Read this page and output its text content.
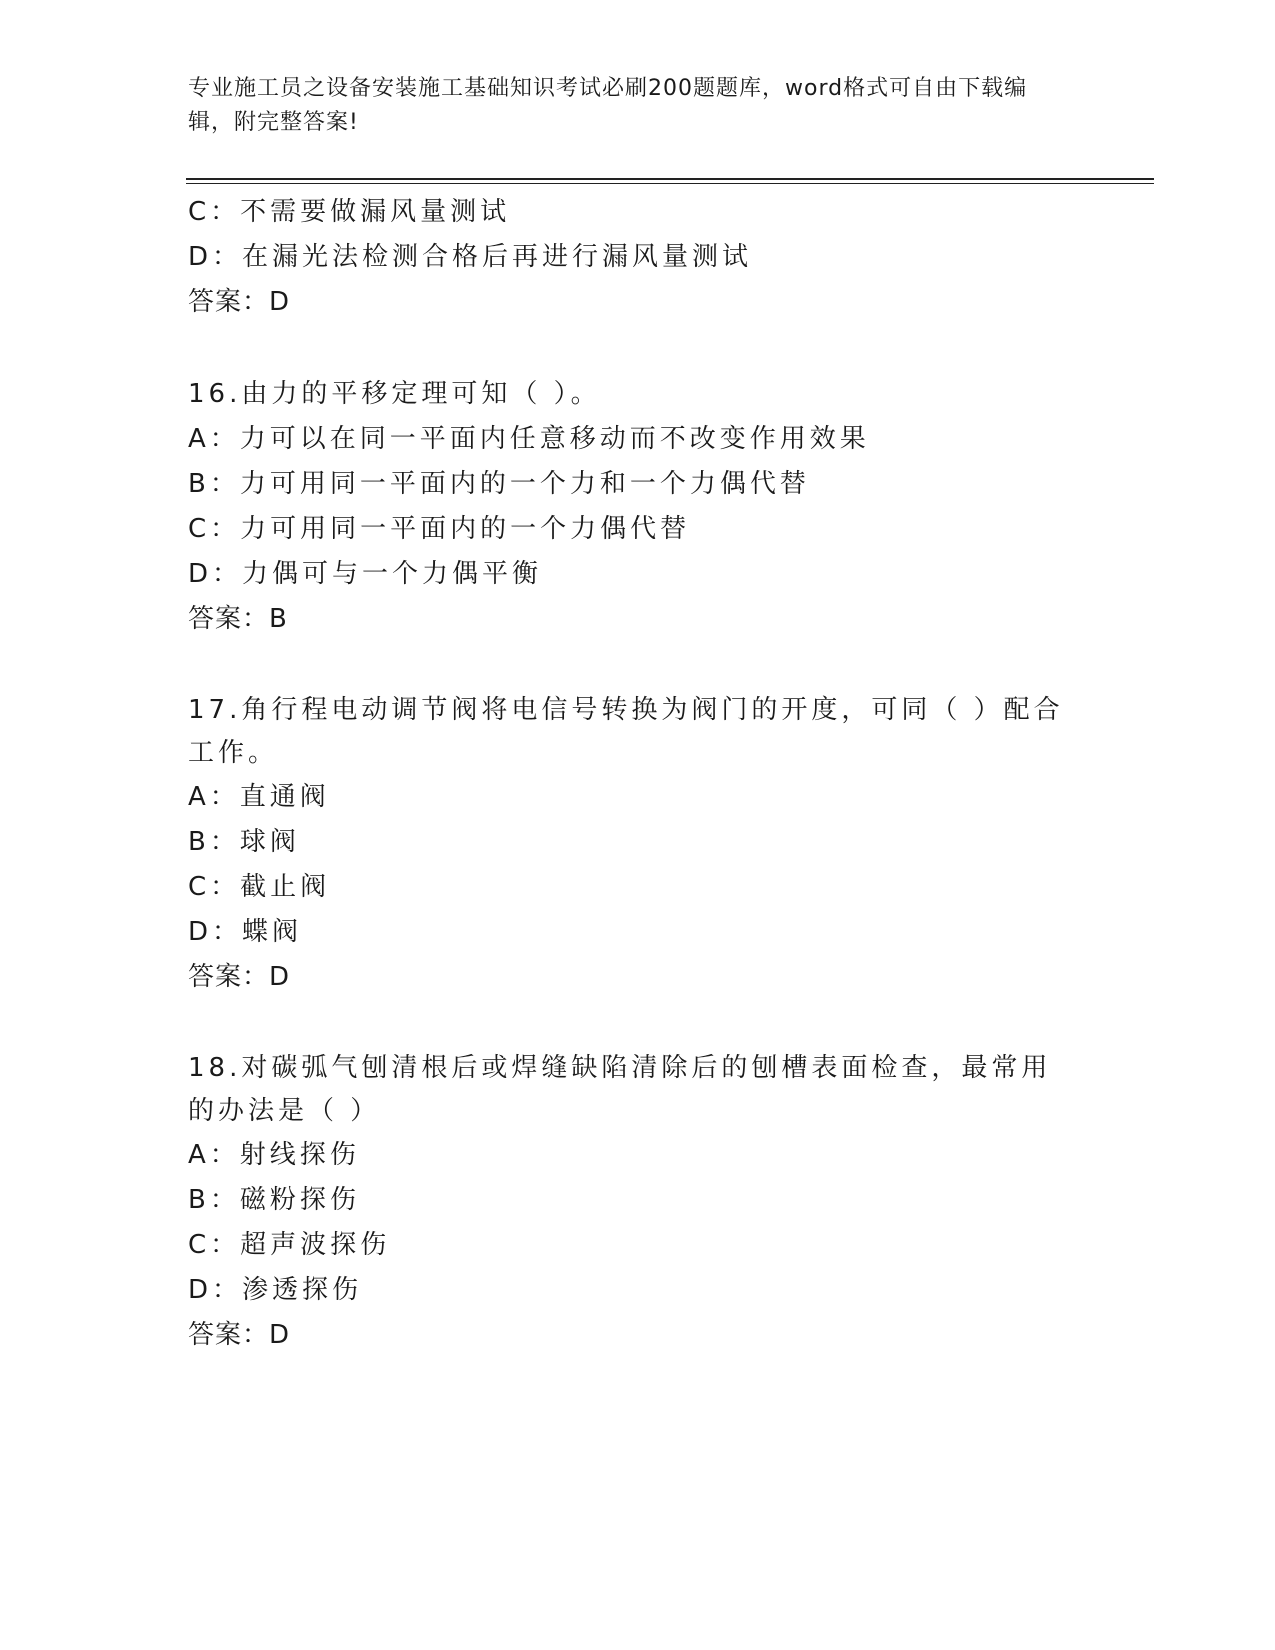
专业施工员之设备安装施工基础知识考试必刷200题题库，word格式可自由下载编辑，附完整答案!
C：不需要做漏风量测试
D：在漏光法检测合格后再进行漏风量测试
答案：D
16.由力的平移定理可知（ ）。
A：力可以在同一平面内任意移动而不改变作用效果
B：力可用同一平面内的一个力和一个力偶代替
C：力可用同一平面内的一个力偶代替
D：力偶可与一个力偶平衡
答案：B
17.角行程电动调节阀将电信号转换为阀门的开度，可同（ ）配合工作。
A：直通阀
B：球阀
C：截止阀
D：蝶阀
答案：D
18.对碳弧气刨清根后或焊缝缺陷清除后的刨槽表面检查，最常用的办法是（ ）
A：射线探伤
B：磁粉探伤
C：超声波探伤
D：渗透探伤
答案：D
